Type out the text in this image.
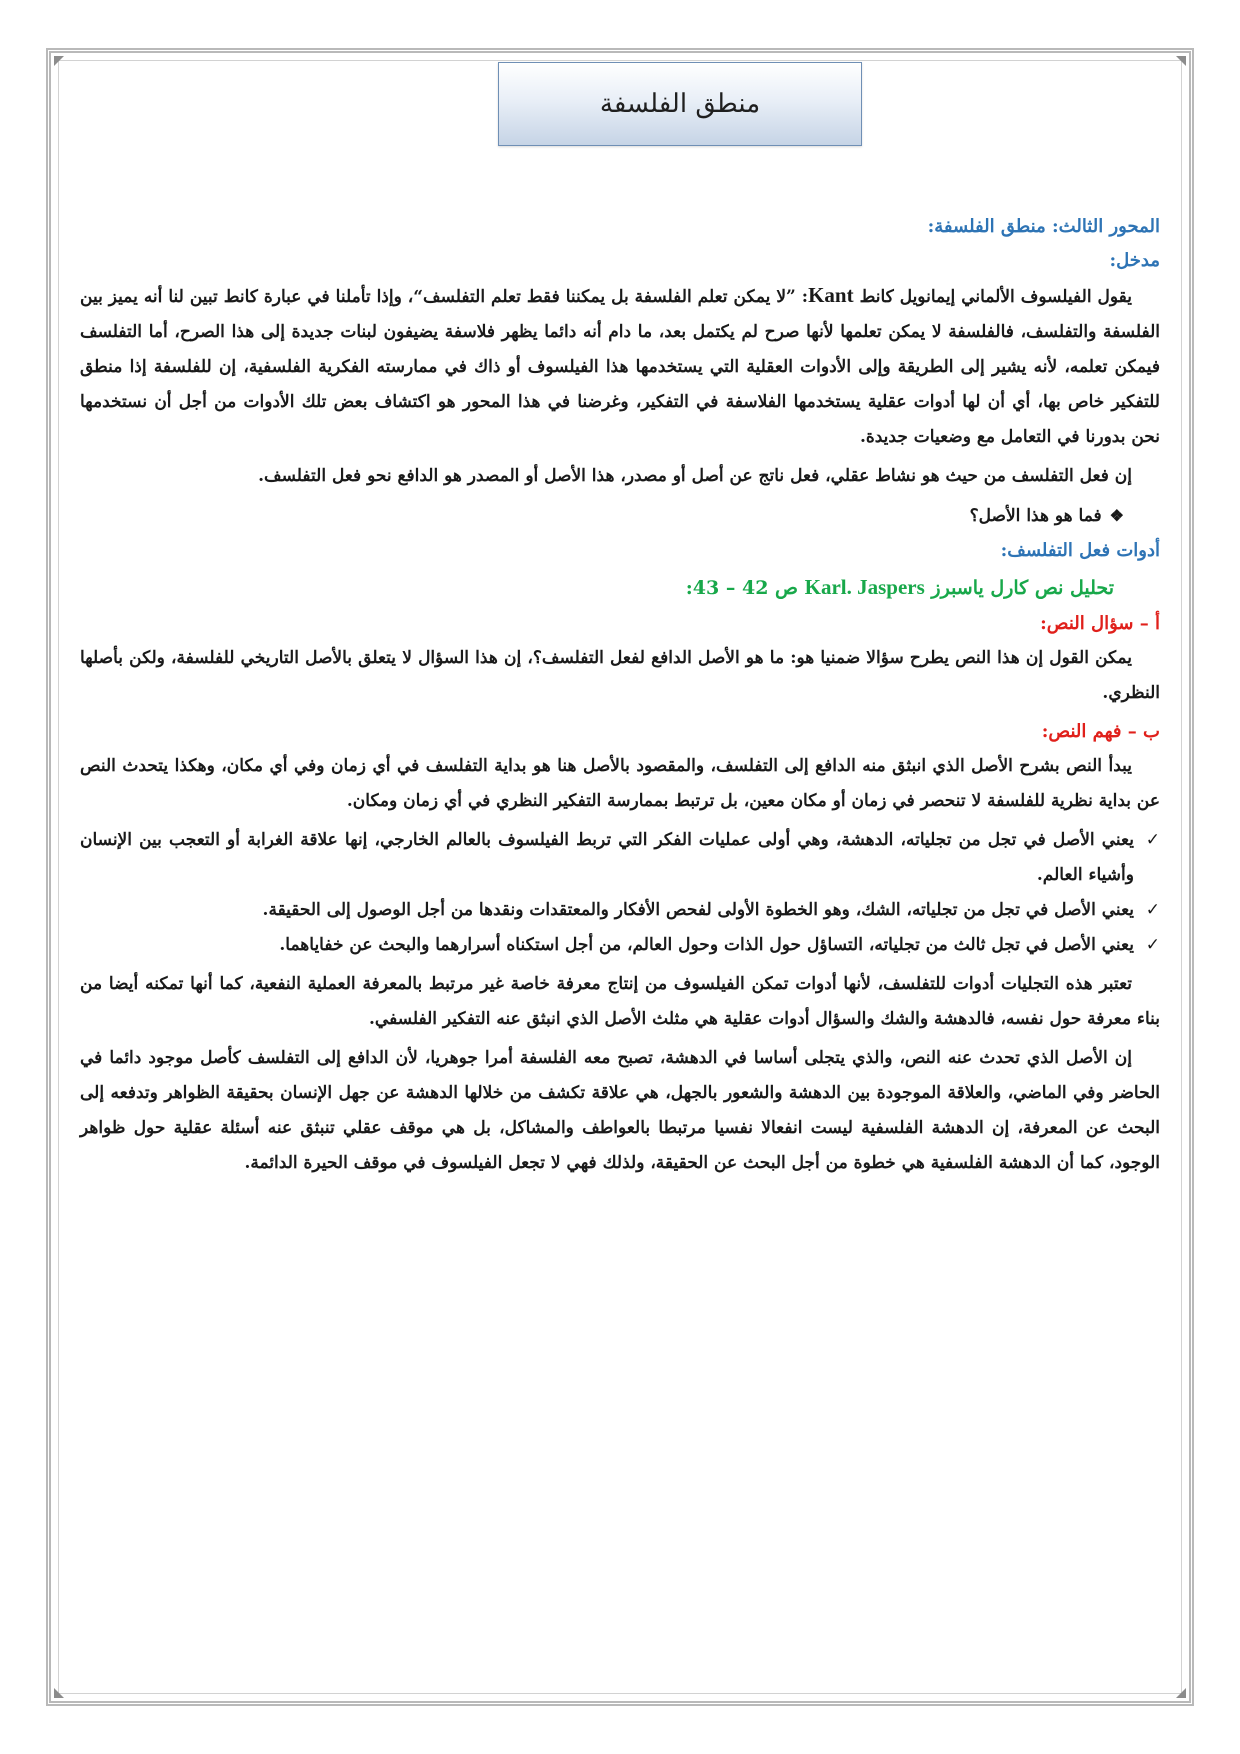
منطق الفلسفة

المحور الثالث: منطق الفلسفة:

مدخل:

يقول الفيلسوف الألماني إيمانويل كانط Kant: ”لا يمكن تعلم الفلسفة بل يمكننا فقط تعلم التفلسف“، وإذا تأملنا في عبارة كانط تبين لنا أنه يميز بين الفلسفة والتفلسف، فالفلسفة لا يمكن تعلمها لأنها صرح لم يكتمل بعد، ما دام أنه دائما يظهر فلاسفة يضيفون لبنات جديدة إلى هذا الصرح، أما التفلسف فيمكن تعلمه، لأنه يشير إلى الطريقة وإلى الأدوات العقلية التي يستخدمها هذا الفيلسوف أو ذاك في ممارسته الفكرية الفلسفية، إن للفلسفة إذا منطق للتفكير خاص بها، أي أن لها أدوات عقلية يستخدمها الفلاسفة في التفكير، وغرضنا في هذا المحور هو اكتشاف بعض تلك الأدوات من أجل أن نستخدمها نحن بدورنا في التعامل مع وضعيات جديدة.

إن فعل التفلسف من حيث هو نشاط عقلي، فعل ناتج عن أصل أو مصدر، هذا الأصل أو المصدر هو الدافع نحو فعل التفلسف.

❖فما هو هذا الأصل؟

أدوات فعل التفلسف:

تحليل نص كارل ياسبرز Karl. Jaspers ص 42 – 43:

أ – سؤال النص:

يمكن القول إن هذا النص يطرح سؤالا ضمنيا هو: ما هو الأصل الدافع لفعل التفلسف؟، إن هذا السؤال لا يتعلق بالأصل التاريخي للفلسفة، ولكن بأصلها النظري.

ب – فهم النص:

يبدأ النص بشرح الأصل الذي انبثق منه الدافع إلى التفلسف، والمقصود بالأصل هنا هو بداية التفلسف في أي زمان وفي أي مكان، وهكذا يتحدث النص عن بداية نظرية للفلسفة لا تنحصر في زمان أو مكان معين، بل ترتبط بممارسة التفكير النظري في أي زمان ومكان.

✓
يعني الأصل في تجل من تجلياته، الدهشة، وهي أولى عمليات الفكر التي تربط الفيلسوف بالعالم الخارجي، إنها علاقة الغرابة أو التعجب بين الإنسان وأشياء العالم.
✓
يعني الأصل في تجل من تجلياته، الشك، وهو الخطوة الأولى لفحص الأفكار والمعتقدات ونقدها من أجل الوصول إلى الحقيقة.
✓
يعني الأصل في تجل ثالث من تجلياته، التساؤل حول الذات وحول العالم، من أجل استكناه أسرارهما والبحث عن خفاياهما.

تعتبر هذه التجليات أدوات للتفلسف، لأنها أدوات تمكن الفيلسوف من إنتاج معرفة خاصة غير مرتبط بالمعرفة العملية النفعية، كما أنها تمكنه أيضا من بناء معرفة حول نفسه، فالدهشة والشك والسؤال أدوات عقلية هي مثلث الأصل الذي انبثق عنه التفكير الفلسفي.

إن الأصل الذي تحدث عنه النص، والذي يتجلى أساسا في الدهشة، تصبح معه الفلسفة أمرا جوهريا، لأن الدافع إلى التفلسف كأصل موجود دائما في الحاضر وفي الماضي، والعلاقة الموجودة بين الدهشة والشعور بالجهل، هي علاقة تكشف من خلالها الدهشة عن جهل الإنسان بحقيقة الظواهر وتدفعه إلى البحث عن المعرفة، إن الدهشة الفلسفية ليست انفعالا نفسيا مرتبطا بالعواطف والمشاكل، بل هي موقف عقلي تنبثق عنه أسئلة عقلية حول ظواهر الوجود، كما أن الدهشة الفلسفية هي خطوة من أجل البحث عن الحقيقة، ولذلك فهي لا تجعل الفيلسوف في موقف الحيرة الدائمة.
